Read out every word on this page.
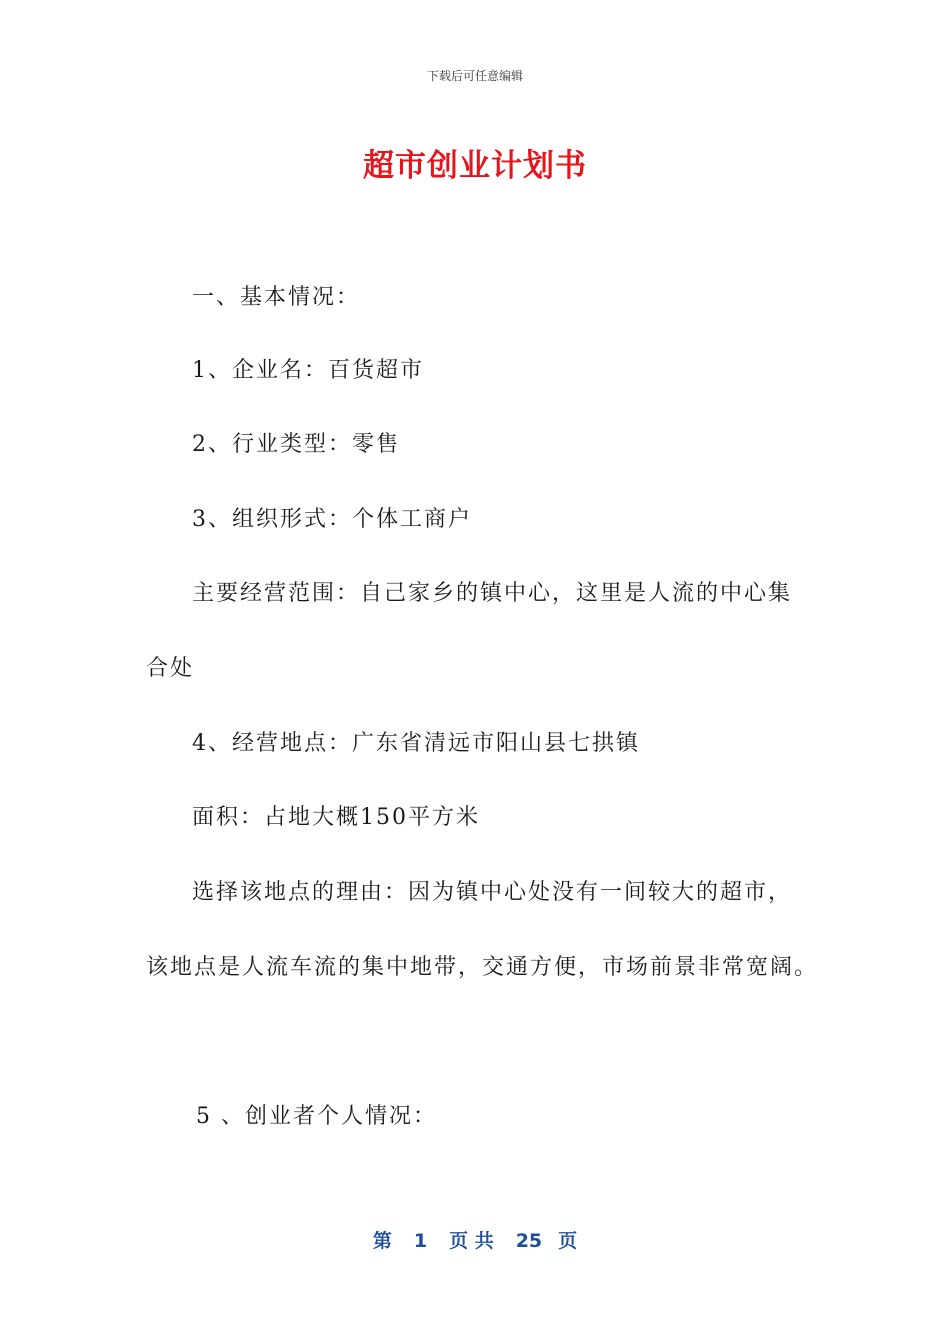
下载后可任意编辑
超市创业计划书
一、基本情况：
1、企业名：百货超市
2、行业类型：零售
3、组织形式：个体工商户
主要经营范围：自己家乡的镇中心，这里是人流的中心集
合处
4、经营地点：广东省清远市阳山县七拱镇
面积：占地大概150平方米
选择该地点的理由：因为镇中心处没有一间较大的超市，
该地点是人流车流的集中地带，交通方便，市场前景非常宽阔。
5 、创业者个人情况：
第 1 页 共 25 页
